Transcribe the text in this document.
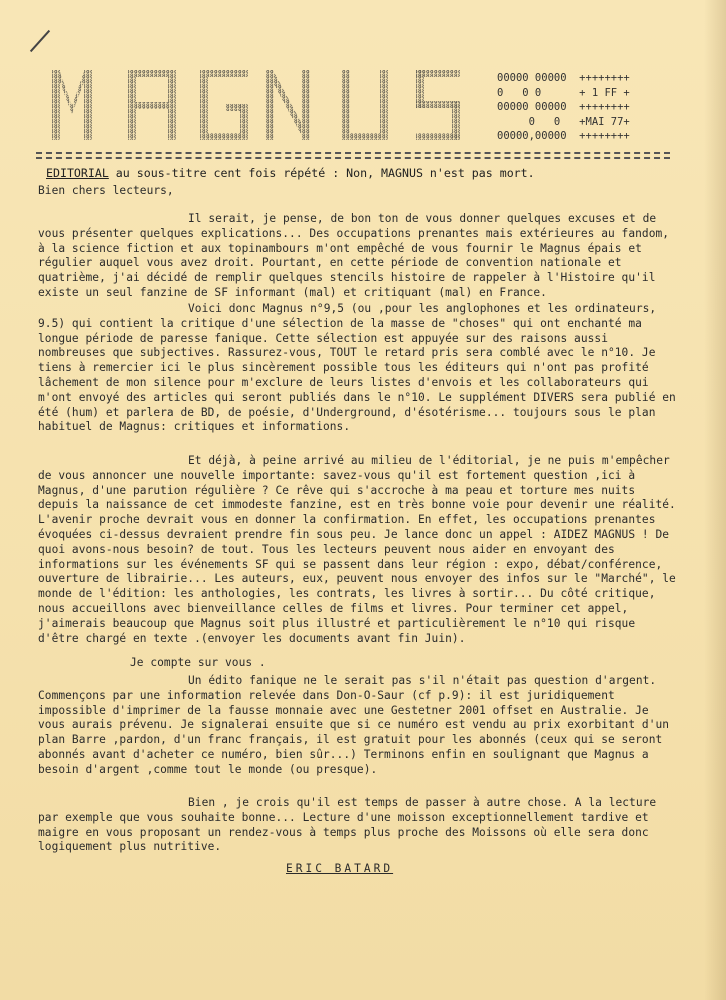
00000 00000  ++++++++
0   0 0      + 1 FF +
00000 00000  ++++++++
0   0   +MAI 77+
00000,00000  ++++++++
EDITORIAL au sous-titre cent fois répété : Non, MAGNUS n'est pas mort.
Bien chers lecteurs,

Il serait, je pense, de bon ton de vous donner quelques excuses et de vous présenter quelques explications... Des occupations prenantes mais extérieures au fandom, à la science fiction et aux topinambours m'ont empêché de vous fournir le Magnus épais et régulier auquel vous avez droit. Pourtant, en cette période de convention nationale et quatrième, j'ai décidé de remplir quelques stencils histoire de rappeler à l'Histoire qu'il existe un seul fanzine de SF informant (mal) et critiquant (mal) en France.

Voici donc Magnus n°9,5 (ou ,pour les anglophones et les ordinateurs, 9.5) qui contient la critique d'une sélection de la masse de "choses" qui ont enchanté ma longue période de paresse fanique. Cette sélection est appuyée sur des raisons aussi nombreuses que subjectives. Rassurez-vous, TOUT le retard pris sera comblé avec le n°10. Je tiens à remercier ici le plus sincèrement possible tous les éditeurs qui n'ont pas profité lâchement de mon silence pour m'exclure de leurs listes d'envois et les collaborateurs qui m'ont envoyé des articles qui seront publiés dans le n°10. Le supplément DIVERS sera publié en été (hum) et parlera de BD, de poésie, d'Underground, d'ésotérisme... toujours sous le plan habituel de Magnus: critiques et informations.

Et déjà, à peine arrivé au milieu de l'éditorial, je ne puis m'empêcher de vous annoncer une nouvelle importante: savez-vous qu'il est fortement question ,ici à Magnus, d'une parution régulière ? Ce rêve qui s'accroche à ma peau et torture mes nuits depuis la naissance de cet immodeste fanzine, est en très bonne voie pour devenir une réalité. L'avenir proche devrait vous en donner la confirmation. En effet, les occupations prenantes évoquées ci-dessus devraient prendre fin sous peu. Je lance donc un appel : AIDEZ MAGNUS ! De quoi avons-nous besoin? de tout. Tous les lecteurs peuvent nous aider en envoyant des informations sur les événements SF qui se passent dans leur région : expo, débat/conférence, ouverture de librairie... Les auteurs, eux, peuvent nous envoyer des infos sur le "Marché", le monde de l'édition: les anthologies, les contrats, les livres à sortir... Du côté critique, nous accueillons avec bienveillance celles de films et livres. Pour terminer cet appel, j'aimerais beaucoup que Magnus soit plus illustré et particulièrement le n°10 qui risque d'être chargé en texte .(envoyer les documents avant fin Juin).

Je compte sur vous .

Un édito fanique ne le serait pas s'il n'était pas question d'argent. Commençons par une information relevée dans Don-O-Saur (cf p.9): il est juridiquement impossible d'imprimer de la fausse monnaie avec une Gestetner 2001 offset en Australie. Je vous aurais prévenu. Je signalerai ensuite que si ce numéro est vendu au prix exorbitant d'un plan Barre ,pardon, d'un franc français, il est gratuit pour les abonnés (ceux qui se seront abonnés avant d'acheter ce numéro, bien sûr...) Terminons enfin en soulignant que Magnus a besoin d'argent ,comme tout le monde (ou presque).

Bien , je crois qu'il est temps de passer à autre chose. A la lecture par exemple que vous souhaite bonne... Lecture d'une moisson exceptionnellement tardive et maigre en vous proposant un rendez-vous à temps plus proche des Moissons où elle sera donc logiquement plus nutritive.

ERIC BATARD
